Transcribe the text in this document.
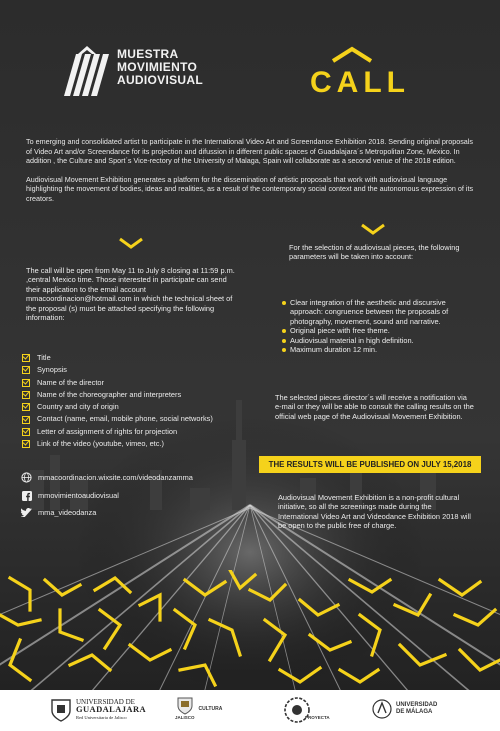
MUESTRA
MOVIMIENTO
AUDIOVISUAL	CALL

To emerging and consolidated artist to participate in the International Video Art and Screendance Exhibition 2018. Sending original proposals of Video Art and/or Screendance for its projection and difussion in different public spaces of Guadalajara´s Metropolitan Zone, México. In addition , the Culture and Sport´s Vice-rectory of the University of Malaga, Spain will collaborate as a second venue of the 2018 edition.

Audiovisual Movement Exhibition generates a platform for the dissemination of artistic proposals that work with audiovisual language highlighting the movement of bodies, ideas and realities, as a result of the contemporary social context and the autonomous expression of its creators.

The call will be open from May 11 to July 8 closing at 11:59 p.m. ,central Mexico time. Those interested in participate can send their application to the email account mmacoordinacion@hotmail.com in which the technical sheet of the proposal (s) must be attached specifying the following information:
Title
Synopsis
Name of the director
Name of the choreographer and interpreters
Country and city of origin
Contact (name, email, mobile phone, social networks)
Letter of assignment of rights for projection
Link of the video (youtube, vimeo, etc.)
For the selection of audiovisual pieces, the following parameters will be taken into account:
Clear integration of the aesthetic and discursive approach: congruence between the proposals of photography, movement, sound and narrative.
Original piece with free theme.
Audiovisual material in high definition.
Maximum duration 12 min.
The selected pieces director´s will receive a notification via e-mail or they will be able to consult the calling results on the official web page of the Audiovisual Movement Exhibition.
THE RESULTS WILL BE PUBLISHED ON JULY 15,2018
Audiovisual Movement Exhibition is a non-profit cultural initiative, so all the screenings made during the International Video Art and Videodance Exhibition 2018 will be open to the public free of charge.
mmacoordinacion.wixsite.com/videodanzamma
mmovimientoaudiovisual
mma_videodanza
UNIVERSIDAD DE
GUADALAJARA
Red Universitaria de Jalisco	JALISCO
CULTURA
PROYECTA
UNIVERSIDAD
DE MÁLAGA
